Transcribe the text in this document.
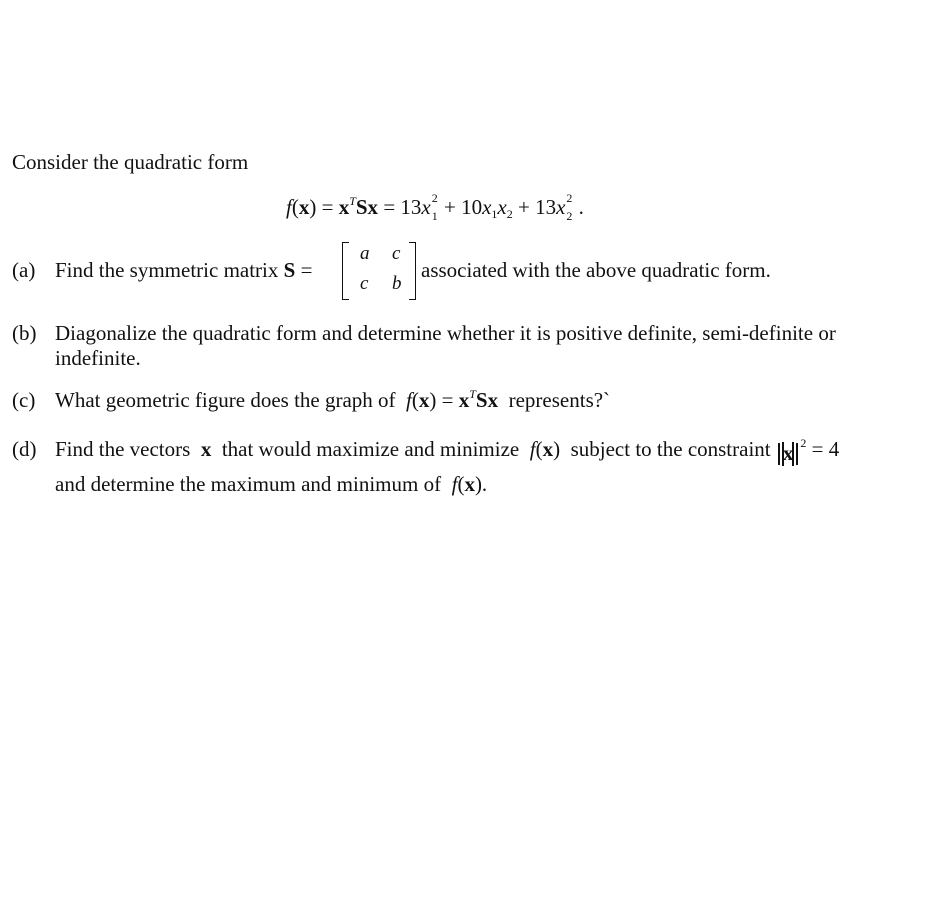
Consider the quadratic form
$f(x) = x^TSx = 13x$ 2
$1 + 10x_1x_2 + 13x$ 2
2 .
(a) Find the symmetric matrix S =
a c
c b
associated with the above quadratic form.
(b) Diagonalize the quadratic form and determine whether it is positive definite, semi-definite or
indefinite.
(c) What geometric figure does the graph of $f(x) = x^TSx$ represents?`
(d) Find the vectors x that would maximize and minimize f(x)  subject to the constraint x $^2$ = 4
and determine the maximum and minimum of f(x).
